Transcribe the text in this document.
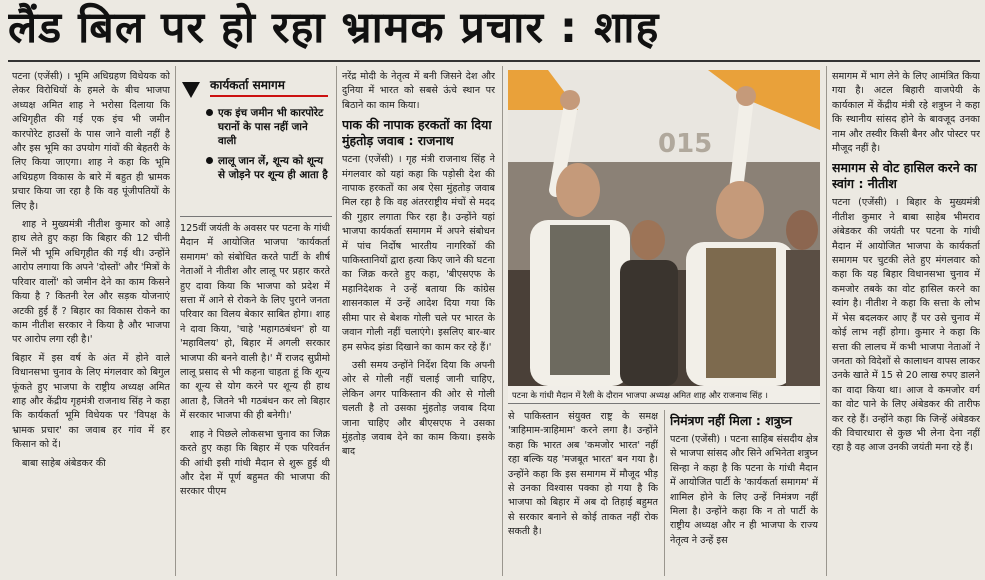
लैंड बिल पर हो रहा भ्रामक प्रचार : शाह

पटना (एजेंसी) । भूमि अधिग्रहण विधेयक को लेकर विरोधियों के हमले के बीच भाजपा अध्यक्ष अमित शाह ने भरोसा दिलाया कि अधिगृहीत की गई एक इंच भी जमीन कारपोरेट हाउसों के पास जाने वाली नहीं है और इस भूमि का उपयोग गांवों की बेहतरी के लिए किया जाएगा। शाह ने कहा कि भूमि अधिग्रहण विकास के बारे में बहुत ही भ्रामक प्रचार किया जा रहा है कि वह पूंजीपतियों के लिए है।

शाह ने मुख्यमंत्री नीतीश कुमार को आड़े हाथ लेते हुए कहा कि बिहार की 12 चीनी मिलें भी भूमि अधिगृहीत की गई थी। उन्होंने आरोप लगाया कि अपने 'दोस्तों' और 'मित्रों के परिवार वालों' को जमीन देने का काम किसने किया है ? कितनी रेल और सड़क योजनाएं अटकी हुई हैं ? बिहार का विकास रोकने का काम नीतीश सरकार ने किया है और भाजपा पर आरोप लगा रही है।'

बिहार में इस वर्ष के अंत में होने वाले विधानसभा चुनाव के लिए मंगलवार को बिगुल फूंकते हुए भाजपा के राष्ट्रीय अध्यक्ष अमित शाह और केंद्रीय गृहमंत्री राजनाथ सिंह ने कहा कि कार्यकर्ता भूमि विधेयक पर 'विपक्ष के भ्रामक प्रचार' का जवाब हर गांव में हर किसान को दें।

बाबा साहेब अंबेडकर की

कार्यकर्ता समागम
एक इंच जमीन भी कारपोरेट घरानों के पास नहीं जाने वाली
लालू जान लें, शून्य को शून्य से जोड़ने पर शून्य ही आता है

125वीं जयंती के अवसर पर पटना के गांधी मैदान में आयोजित भाजपा 'कार्यकर्ता समागम' को संबोधित करते पार्टी के शीर्ष नेताओं ने नीतीश और लालू पर प्रहार करते हुए दावा किया कि भाजपा को प्रदेश में सत्ता में आने से रोकने के लिए पुराने जनता परिवार का विलय बेकार साबित होगा। शाह ने दावा किया, 'चाहे 'महागठबंधन' हो या 'महाविलय' हो, बिहार में अगली सरकार भाजपा की बनने वाली है।' मैं राजद सुप्रीमो लालू प्रसाद से भी कहना चाहता हूं कि शून्य का शून्य से योग करने पर शून्य ही हाथ आता है, जितने भी गठबंधन कर लो बिहार में सरकार भाजपा की ही बनेगी।'

शाह ने पिछले लोकसभा चुनाव का जिक्र करते हुए कहा कि बिहार में एक परिवर्तन की आंधी इसी गांधी मैदान से शुरू हुई थी और देश में पूर्ण बहुमत की भाजपा की सरकार पीएम

नरेंद्र मोदी के नेतृत्व में बनी जिसने देश और दुनिया में भारत को सबसे ऊंचे स्थान पर बिठाने का काम किया।

पाक की नापाक हरकतों का दिया मुंहतोड़ जवाब : राजनाथ

पटना (एजेंसी) । गृह मंत्री राजनाथ सिंह ने मंगलवार को यहां कहा कि पड़ोसी देश की नापाक हरकतों का अब ऐसा मुंहतोड़ जवाब मिल रहा है कि वह अंतरराष्ट्रीय मंचों से मदद की गुहार लगाता फिर रहा है। उन्होंने यहां भाजपा कार्यकर्ता समागम में अपने संबोधन में पांच निर्दोष भारतीय नागरिकों की पाकिस्तानियों द्वारा हत्या किए जाने की घटना का जिक्र करते हुए कहा, 'बीएसएफ के महानिदेशक ने उन्हें बताया कि कांग्रेस शासनकाल में उन्हें आदेश दिया गया कि सीमा पार से बेशक गोली चले पर भारत के जवान गोली नहीं चलाएंगे। इसलिए बार-बार हम सफेद झंडा दिखाने का काम कर रहे हैं।'

उसी समय उन्होंने निर्देश दिया कि अपनी ओर से गोली नहीं चलाई जानी चाहिए, लेकिन अगर पाकिस्तान की ओर से गोली चलती है तो उसका मुंहतोड़ जवाब दिया जाना चाहिए और बीएसएफ ने उसका मुंहतोड़ जवाब देने का काम किया। इसके बाद

015
पटना के गांधी मैदान में रैली के दौरान भाजपा अध्यक्ष अमित शाह और राजनाथ सिंह ।

से पाकिस्तान संयुक्त राष्ट्र के समक्ष 'त्राहिमाम-त्राहिमाम' करने लगा है। उन्होंने कहा कि भारत अब 'कमजोर भारत' नहीं रहा बल्कि यह 'मजबूत भारत' बन गया है। उन्होंने कहा कि इस समागम में मौजूद भीड़ से उनका विश्वास पक्का हो गया है कि भाजपा को बिहार में अब दो तिहाई बहुमत से सरकार बनाने से कोई ताकत नहीं रोक सकती है।

निमंत्रण नहीं मिला : शत्रुघ्न

पटना (एजेंसी) । पटना साहिब संसदीय क्षेत्र से भाजपा सांसद और सिने अभिनेता शत्रुघ्न सिन्हा ने कहा है कि पटना के गांधी मैदान में आयोजित पार्टी के 'कार्यकर्ता समागम' में शामिल होने के लिए उन्हें निमंत्रण नहीं मिला है। उन्होंने कहा कि न तो पार्टी के राष्ट्रीय अध्यक्ष और न ही भाजपा के राज्य नेतृत्व ने उन्हें इस

समागम में भाग लेने के लिए आमंत्रित किया गया है। अटल बिहारी वाजपेयी के कार्यकाल में केंद्रीय मंत्री रहे शत्रुघ्न ने कहा कि स्थानीय सांसद होने के बावजूद उनका नाम और तस्वीर किसी बैनर और पोस्टर पर मौजूद नहीं है।

समागम से वोट हासिल करने का स्वांग : नीतीश

पटना (एजेंसी) । बिहार के मुख्यमंत्री नीतीश कुमार ने बाबा साहेब भीमराव अंबेडकर की जयंती पर पटना के गांधी मैदान में आयोजित भाजपा के कार्यकर्ता समागम पर चुटकी लेते हुए मंगलवार को कहा कि यह बिहार विधानसभा चुनाव में कमजोर तबके का वोट हासिल करने का स्वांग है। नीतीश ने कहा कि सत्ता के लोभ में भेस बदलकर आए हैं पर उसे चुनाव में कोई लाभ नहीं होगा। कुमार ने कहा कि सत्ता की लालच में कभी भाजपा नेताओं ने जनता को विदेशों से कालाधन वापस लाकर उनके खाते में 15 से 20 लाख रुपए डालने का वादा किया था। आज वे कमजोर वर्ग का वोट पाने के लिए अंबेडकर की तारीफ कर रहे हैं। उन्होंने कहा कि जिन्हें अंबेडकर की विचारधारा से कुछ भी लेना देना नहीं रहा है वह आज उनकी जयंती मना रहे हैं।
